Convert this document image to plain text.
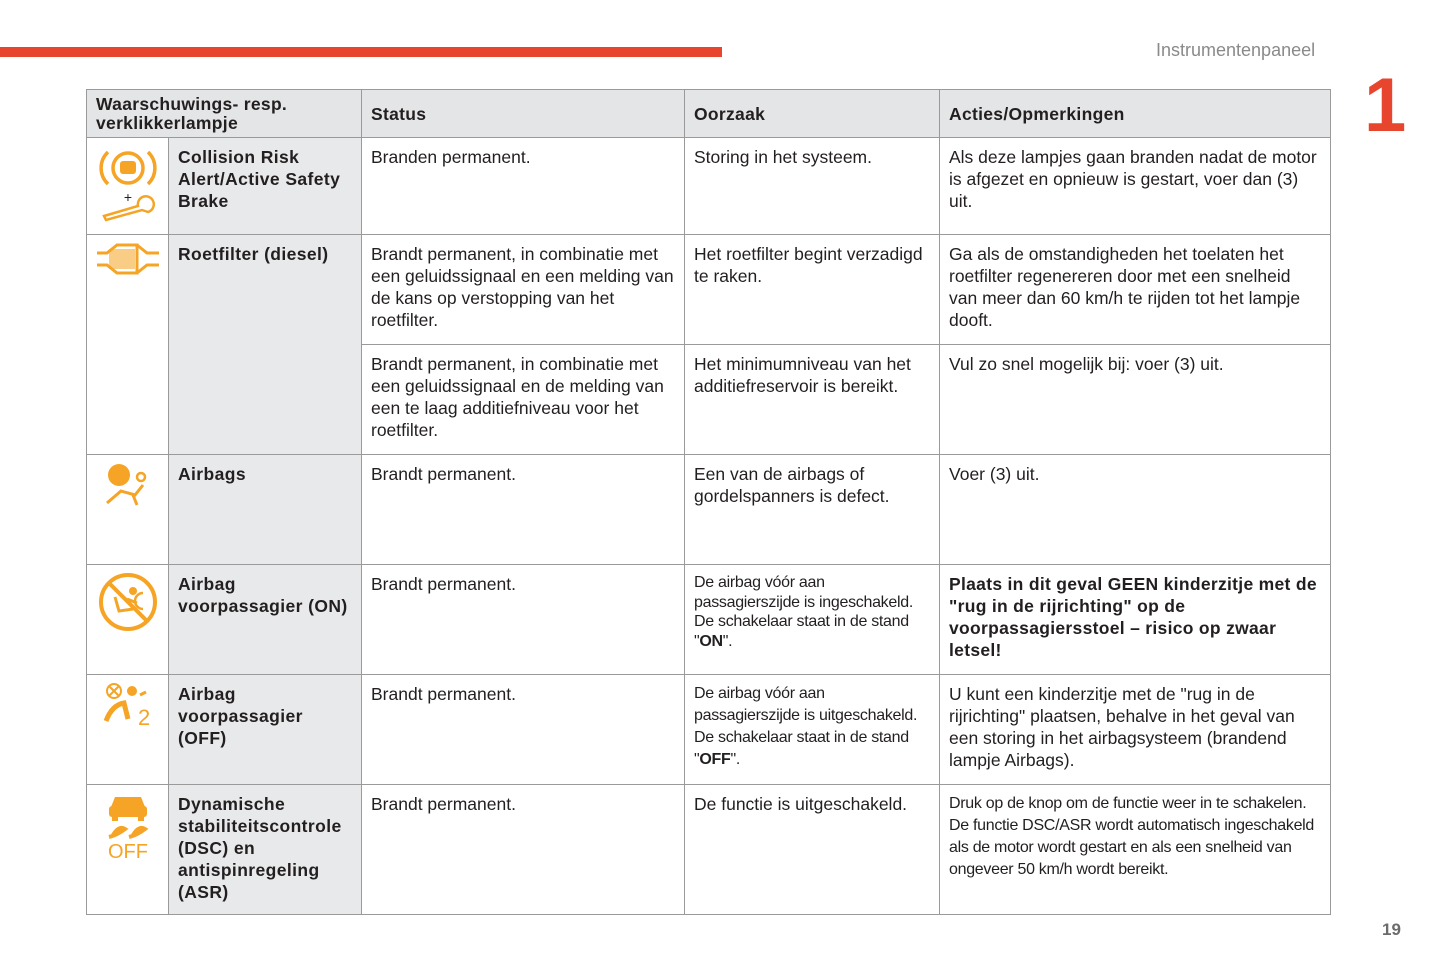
Instrumentenpaneel
1
19
Waarschuwings- resp. verklikkerlampje		Status	Oorzaak	Acties/Opmerkingen

+	Collision Risk Alert/Active Safety Brake	Branden permanent.	Storing in het systeem.	Als deze lampjes gaan branden nadat de motor is afgezet en opnieuw is gestart, voer dan (3) uit.

	Roetfilter (diesel)	Brandt permanent, in combinatie met een geluidssignaal en een melding van de kans op verstopping van het roetfilter.	Het roetfilter begint verzadigd te raken.	Ga als de omstandigheden het toelaten het roetfilter regenereren door met een snelheid van meer dan 60 km/h te rijden tot het lampje dooft.
		Brandt permanent, in combinatie met een geluidssignaal en de melding van een te laag additiefniveau voor het roetfilter.	Het minimumniveau van het additiefreservoir is bereikt.	Vul zo snel mogelijk bij: voer (3) uit.

	Airbags	Brandt permanent.	Een van de airbags of gordelspanners is defect.	Voer (3) uit.

	Airbag voorpassagier (ON)	Brandt permanent.	De airbag vóór aan passagierszijde is ingeschakeld.
De schakelaar staat in de stand "ON".	Plaats in dit geval GEEN kinderzitje met de "rug in de rijrichting" op de voorpassagiersstoel – risico op zwaar letsel!

2	Airbag voorpassagier (OFF)	Brandt permanent.	De airbag vóór aan passagierszijde is uitgeschakeld.
De schakelaar staat in de stand "OFF".	U kunt een kinderzitje met de "rug in de rijrichting" plaatsen, behalve in het geval van een storing in het airbagsysteem (brandend lampje Airbags).

OFF	Dynamische stabiliteitscontrole (DSC) en antispinregeling (ASR)	Brandt permanent.	De functie is uitgeschakeld.	Druk op de knop om de functie weer in te schakelen.
De functie DSC/ASR wordt automatisch ingeschakeld als de motor wordt gestart en als een snelheid van ongeveer 50 km/h wordt bereikt.
